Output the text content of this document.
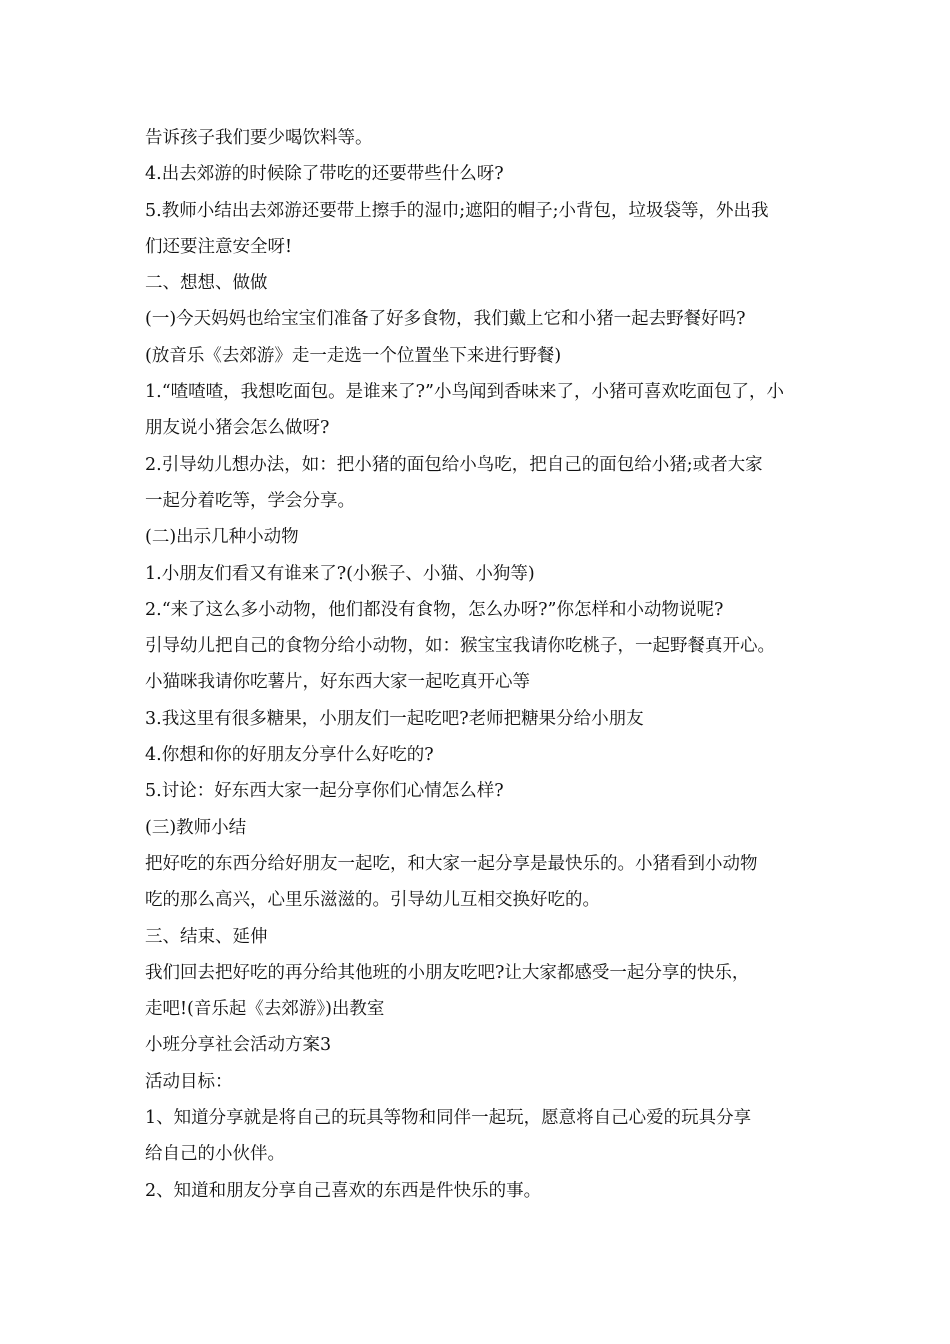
告诉孩子我们要少喝饮料等。
4.出去郊游的时候除了带吃的还要带些什么呀?
5.教师小结出去郊游还要带上擦手的湿巾;遮阳的帽子;小背包，垃圾袋等，外出我
们还要注意安全呀!
二、想想、做做
(一)今天妈妈也给宝宝们准备了好多食物，我们戴上它和小猪一起去野餐好吗?
(放音乐《去郊游》走一走选一个位置坐下来进行野餐)
1.“喳喳喳，我想吃面包。是谁来了?”小鸟闻到香味来了，小猪可喜欢吃面包了，小
朋友说小猪会怎么做呀?
2.引导幼儿想办法，如：把小猪的面包给小鸟吃，把自己的面包给小猪;或者大家
一起分着吃等，学会分享。
(二)出示几种小动物
1.小朋友们看又有谁来了?(小猴子、小猫、小狗等)
2.“来了这么多小动物，他们都没有食物，怎么办呀?”你怎样和小动物说呢?
引导幼儿把自己的食物分给小动物，如：猴宝宝我请你吃桃子，一起野餐真开心。
小猫咪我请你吃薯片，好东西大家一起吃真开心等
3.我这里有很多糖果，小朋友们一起吃吧?老师把糖果分给小朋友
4.你想和你的好朋友分享什么好吃的?
5.讨论：好东西大家一起分享你们心情怎么样?
(三)教师小结
把好吃的东西分给好朋友一起吃，和大家一起分享是最快乐的。小猪看到小动物
吃的那么高兴，心里乐滋滋的。引导幼儿互相交换好吃的。
三、结束、延伸
我们回去把好吃的再分给其他班的小朋友吃吧?让大家都感受一起分享的快乐，
走吧!(音乐起《去郊游》)出教室
小班分享社会活动方案3
活动目标：
1、知道分享就是将自己的玩具等物和同伴一起玩，愿意将自己心爱的玩具分享
给自己的小伙伴。
2、知道和朋友分享自己喜欢的东西是件快乐的事。
